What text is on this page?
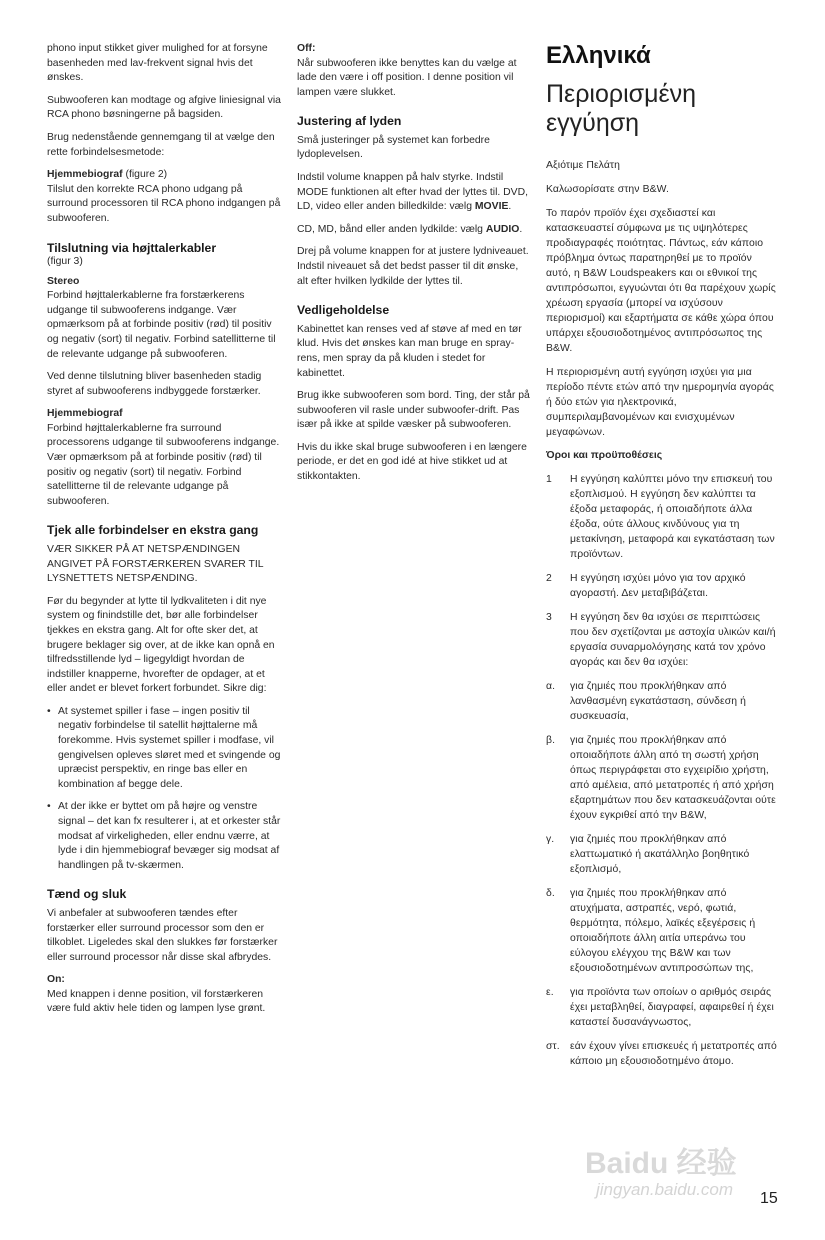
phono input stikket giver mulighed for at forsyne basenheden med lav-frekvent signal hvis det ønskes.

Subwooferen kan modtage og afgive liniesignal via RCA phono bøsningerne på bagsiden.

Brug nedenstående gennemgang til at vælge den rette forbindelsesmetode:

Hjemmebiograf (figure 2)
Tilslut den korrekte RCA phono udgang på surround processoren til RCA phono indgangen på subwooferen.

Tilslutning via højttalerkabler
(figur 3)

Stereo
Forbind højttalerkablerne fra forstærkerens udgange til subwooferens indgange. Vær opmærksom på at forbinde positiv (rød) til positiv og negativ (sort) til negativ. Forbind satellitterne til de relevante udgange på subwooferen.

Ved denne tilslutning bliver basenheden stadig styret af subwooferens indbyggede forstærker.

Hjemmebiograf
Forbind højttalerkablerne fra surround processorens udgange til subwooferens indgange. Vær opmærksom på at forbinde positiv (rød) til positiv og negativ (sort) til negativ. Forbind satellitterne til de relevante udgange på subwooferen.

Tjek alle forbindelser en ekstra gang

VÆR SIKKER PÅ AT NETSPÆNDINGEN ANGIVET PÅ FORSTÆRKEREN SVARER TIL LYSNETTETS NETSPÆNDING.

Før du begynder at lytte til lydkvaliteten i dit nye system og finindstille det, bør alle forbindelser tjekkes en ekstra gang. Alt for ofte sker det, at brugere beklager sig over, at de ikke kan opnå en tilfredsstillende lyd – ligegyldigt hvordan de indstiller knapperne, hvorefter de opdager, at et eller andet er blevet forkert forbundet. Sikre dig:

• At systemet spiller i fase – ingen positiv til negativ forbindelse til satellit højttalerne må forekomme. Hvis systemet spiller i modfase, vil gengivelsen opleves sløret med et svingende og upræcist perspektiv, en ringe bas eller en kombination af begge dele.
• At der ikke er byttet om på højre og venstre signal – det kan fx resulterer i, at et orkester står modsat af virkeligheden, eller endnu værre, at lyde i din hjemmebiograf bevæger sig modsat af handlingen på tv-skærmen.
Tænd og sluk

Vi anbefaler at subwooferen tændes efter forstærker eller surround processor som den er tilkoblet. Ligeledes skal den slukkes før forstærker eller surround processor når disse skal afbrydes.

On:
Med knappen i denne position, vil forstærkeren være fuld aktiv hele tiden og lampen lyse grønt.

Off:
Når subwooferen ikke benyttes kan du vælge at lade den være i off position. I denne position vil lampen være slukket.

Justering af lyden

Små justeringer på systemet kan forbedre lydoplevelsen.

Indstil volume knappen på halv styrke. Indstil MODE funktionen alt efter hvad der lyttes til. DVD, LD, video eller anden billedkilde: vælg MOVIE.

CD, MD, bånd eller anden lydkilde: vælg AUDIO.

Drej på volume knappen for at justere lydniveauet. Indstil niveauet så det bedst passer til dit ønske, alt efter hvilken lydkilde der lyttes til.

Vedligeholdelse

Kabinettet kan renses ved af støve af med en tør klud. Hvis det ønskes kan man bruge en spray-rens, men spray da på kluden i stedet for kabinettet.

Brug ikke subwooferen som bord. Ting, der står på subwooferen vil rasle under subwoofer-drift. Pas især på ikke at spilde væsker på subwooferen.

Hvis du ikke skal bruge subwooferen i en længere periode, er det en god idé at hive stikket ud at stikkontakten.

Ελληνικά
Περιορισμένη εγγύηση

Αξιότιμε Πελάτη

Καλωσορίσατε στην B&W.

Το παρόν προϊόν έχει σχεδιαστεί και κατασκευαστεί σύμφωνα με τις υψηλότερες προδιαγραφές ποιότητας. Πάντως, εάν κάποιο πρόβλημα όντως παρατηρηθεί με το προϊόν αυτό, η B&W Loudspeakers και οι εθνικοί της αντιπρόσωποι, εγγυώνται ότι θα παρέχουν χωρίς χρέωση εργασία (μπορεί να ισχύσουν περιορισμοί) και εξαρτήματα σε κάθε χώρα όπου υπάρχει εξουσιοδοτημένος αντιπρόσωπος της B&W.

Η περιορισμένη αυτή εγγύηση ισχύει για μια περίοδο πέντε ετών από την ημερομηνία αγοράς ή δύο ετών για ηλεκτρονικά, συμπεριλαμβανομένων και ενισχυμένων μεγαφώνων.

Όροι και προϋποθέσεις
1 Η εγγύηση καλύπτει μόνο την επισκευή του εξοπλισμού. Η εγγύηση δεν καλύπτει τα έξοδα μεταφοράς, ή οποιαδήποτε άλλα έξοδα, ούτε άλλους κινδύνους για τη μετακίνηση, μεταφορά και εγκατάσταση των προϊόντων.
2 Η εγγύηση ισχύει μόνο για τον αρχικό αγοραστή. Δεν μεταβιβάζεται.
3 Η εγγύηση δεν θα ισχύει σε περιπτώσεις που δεν σχετίζονται με αστοχία υλικών και/ή εργασία συναρμολόγησης κατά τον χρόνο αγοράς και δεν θα ισχύει:
α. για ζημιές που προκλήθηκαν από λανθασμένη εγκατάσταση, σύνδεση ή συσκευασία,
β. για ζημιές που προκλήθηκαν από οποιαδήποτε άλλη από τη σωστή χρήση όπως περιγράφεται στο εγχειρίδιο χρήστη, από αμέλεια, από μετατροπές ή από χρήση εξαρτημάτων που δεν κατασκευάζονται ούτε έχουν εγκριθεί από την B&W,
γ. για ζημιές που προκλήθηκαν από ελαττωματικό ή ακατάλληλο βοηθητικό εξοπλισμό,
δ. για ζημιές που προκλήθηκαν από ατυχήματα, αστραπές, νερό, φωτιά, θερμότητα, πόλεμο, λαϊκές εξεγέρσεις ή οποιαδήποτε άλλη αιτία υπεράνω του εύλογου ελέγχου της B&W και των εξουσιοδοτημένων αντιπροσώπων της,
ε. για προϊόντα των οποίων ο αριθμός σειράς έχει μεταβληθεί, διαγραφεί, αφαιρεθεί ή έχει καταστεί δυσανάγνωστος,
στ. εάν έχουν γίνει επισκευές ή μετατροπές από κάποιο μη εξουσιοδοτημένο άτομο.
Baidu 经验
jingyan.baidu.com 15
